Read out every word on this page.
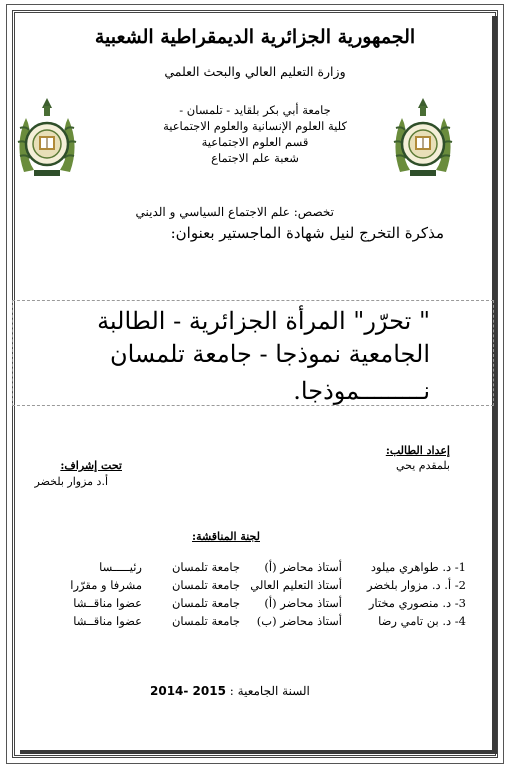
الجمهورية الجزائرية الديمقراطية الشعبية
وزارة التعليم العالي والبحث العلمي
جامعة أبي بكر بلقايد - تلمسان -
كلية العلوم الإنسانية والعلوم الاجتماعية
قسم العلوم الاجتماعية
شعبة علم الاجتماع
تخصص: علم الاجتماع السياسي و الديني
مذكرة التخرج لنيل شهادة الماجستير بعنوان:
" تحرّر" المرأة الجزائرية - الطالبة
الجامعية نموذجا - جامعة تلمسان
نـــــــــموذجا.
إعداد الطالب:
بلمقدم يحي
تحت إشراف:
أ.د مزوار بلخضر
لجنة المناقشة:
1- د. طواهري ميلود
أستاذ محاضر (أ)
جامعة تلمسان
رئيـــــسا
2- أ. د. مزوار بلخضر
أستاذ التعليم العالي
جامعة تلمسان
مشرفا و مقرّرا
3- د. منصوري مختار
أستاذ محاضر (أ)
جامعة تلمسان
عضوا مناقــشا
4- د. بن تامي رضا
أستاذ محاضر (ب)
جامعة تلمسان
عضوا مناقــشا
2014- 2015 السنة الجامعية :
